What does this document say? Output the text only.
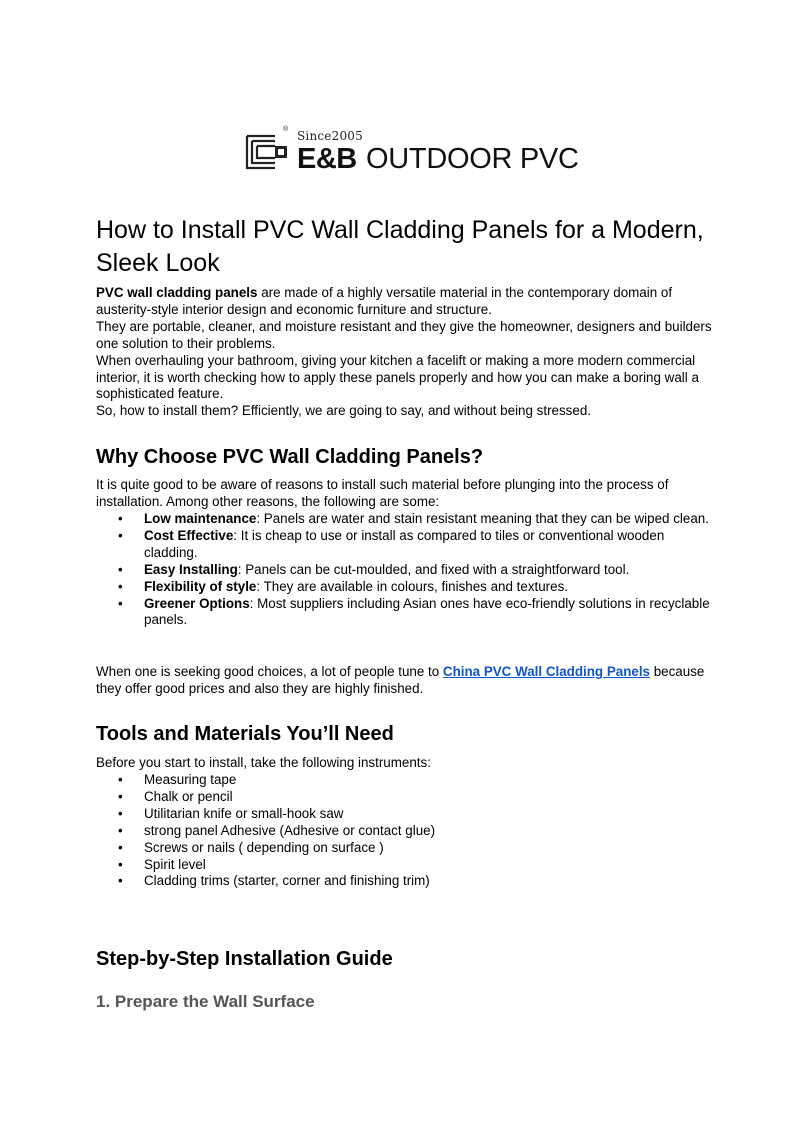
® Since2005
E&B OUTDOOR PVC
How to Install PVC Wall Cladding Panels for a Modern, Sleek Look

PVC wall cladding panels are made of a highly versatile material in the contemporary domain of austerity-style interior design and economic furniture and structure.

They are portable, cleaner, and moisture resistant and they give the homeowner, designers and builders one solution to their problems.

When overhauling your bathroom, giving your kitchen a facelift or making a more modern commercial interior, it is worth checking how to apply these panels properly and how you can make a boring wall a sophisticated feature.

So, how to install them? Efficiently, we are going to say, and without being stressed.

Why Choose PVC Wall Cladding Panels?

It is quite good to be aware of reasons to install such material before plunging into the process of installation. Among other reasons, the following are some:

• Low maintenance: Panels are water and stain resistant meaning that they can be wiped clean.
• Cost Effective: It is cheap to use or install as compared to tiles or conventional wooden cladding.
• Easy Installing: Panels can be cut-moulded, and fixed with a straightforward tool.
• Flexibility of style: They are available in colours, finishes and textures.
• Greener Options: Most suppliers including Asian ones have eco-friendly solutions in recyclable panels.

When one is seeking good choices, a lot of people tune to China PVC Wall Cladding Panels because they offer good prices and also they are highly finished.

Tools and Materials You’ll Need

Before you start to install, take the following instruments:

• Measuring tape
• Chalk or pencil
• Utilitarian knife or small-hook saw
• strong panel Adhesive (Adhesive or contact glue)
• Screws or nails ( depending on surface )
• Spirit level
• Cladding trims (starter, corner and finishing trim)
Step-by-Step Installation Guide
1. Prepare the Wall Surface
